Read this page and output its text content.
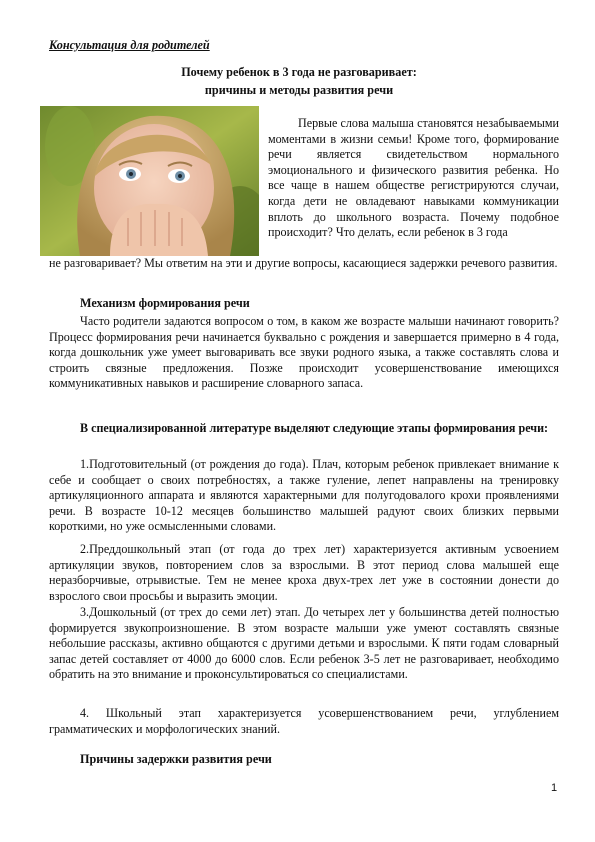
Консультация для родителей
Почему ребенок в 3 года не разговаривает:
причины и методы развития речи
Первые слова малыша становятся незабываемыми моментами в жизни семьи! Кроме того, формирование речи является свидетельством нормального эмоционального и физического развития ребенка. Но все чаще в нашем обществе регистрируются случаи, когда дети не овладевают навыками коммуникации вплоть до школьного возраста. Почему подобное происходит? Что делать, если ребенок в 3 года
не разговаривает? Мы ответим на эти и другие вопросы, касающиеся задержки речевого развития.
Механизм формирования речи
Часто родители задаются вопросом о том, в каком же возрасте малыши начинают говорить? Процесс формирования речи начинается буквально с рождения и завершается примерно в 4 года, когда дошкольник уже умеет выговаривать все звуки родного языка, а также составлять слова и строить связные предложения. Позже происходит усовершенствование имеющихся коммуникативных навыков и расширение словарного запаса.
В специализированной литературе выделяют следующие этапы формирования речи:
1.Подготовительный (от рождения до года). Плач, которым ребенок привлекает внимание к себе и сообщает о своих потребностях, а также гуление, лепет направлены на тренировку артикуляционного аппарата и являются характерными для полугодовалого крохи проявлениями речи. В возрасте 10-12 месяцев большинство малышей радуют своих близких первыми короткими, но уже осмысленными словами.
2.Преддошкольный этап (от года до трех лет) характеризуется активным усвоением артикуляции звуков, повторением слов за взрослыми. В этот период слова малышей еще неразборчивые, отрывистые. Тем не менее кроха двух-трех лет уже в состоянии донести до взрослого свои просьбы и выразить эмоции.
3.Дошкольный (от трех до семи лет) этап. До четырех лет у большинства детей полностью формируется звукопроизношение. В этом возрасте малыши уже умеют составлять связные небольшие рассказы, активно общаются с другими детьми и взрослыми. К пяти годам словарный запас детей составляет от 4000 до 6000 слов. Если ребенок 3-5 лет не разговаривает, необходимо обратить на это внимание и проконсультироваться со специалистами.
4. Школьный этап характеризуется усовершенствованием речи, углублением грамматических и морфологических знаний.
Причины задержки развития речи
1
